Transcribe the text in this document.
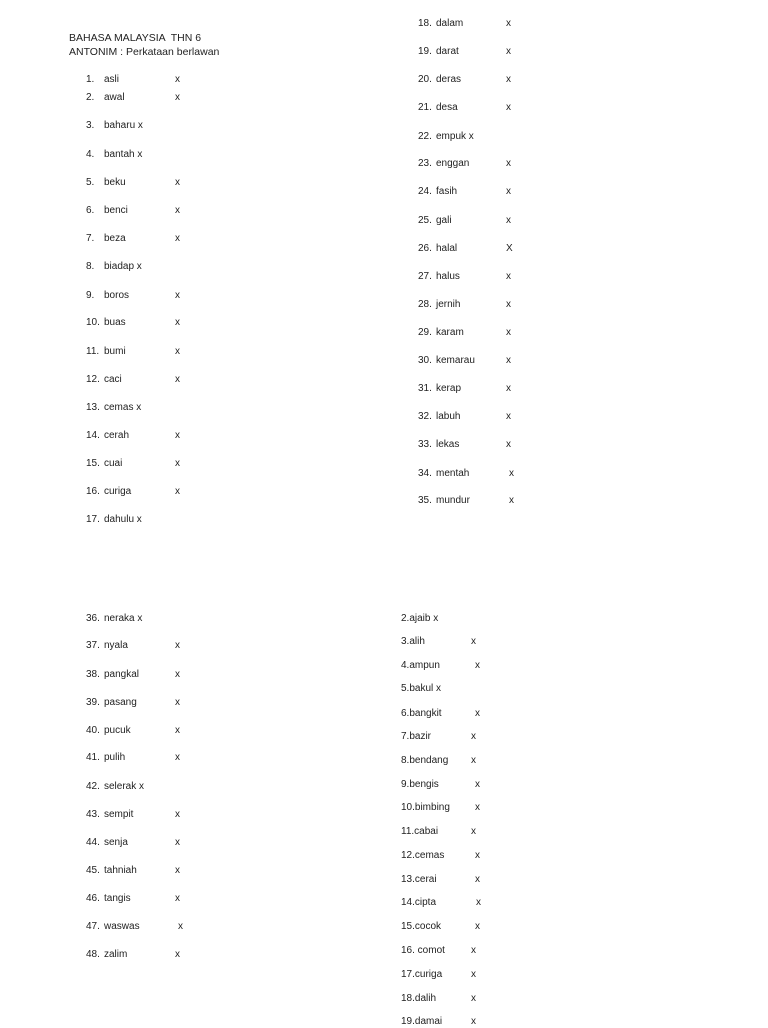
BAHASA MALAYSIA  THN 6
ANTONIM : Perkataan berlawan
1. asli	x
2. awal	x
3. baharu x
4. bantah x
5. beku	x
6. benci	x
7. beza	x
8. biadap x
9. boros	x
10. buas	x
11. bumi	x
12. caci	x
13. cemas x
14. cerah	x
15. cuai	x
16. curiga	x
17. dahulu x
18. dalam	x
19. darat	x
20. deras	x
21. desa	x
22. empuk x
23. enggan	x
24. fasih	x
25. gali	x
26. halal	X
27. halus	x
28. jernih	x
29. karam	x
30. kemarau	x
31. kerap	x
32. labuh	x
33. lekas	x
34. mentah	x
35. mundur	x
36. neraka x
37. nyala	x
38. pangkal	x
39. pasang	x
40. pucuk	x
41. pulih	x
42. selerak x
43. sempit	x
44. senja	x
45. tahniah	x
46. tangis	x
47. waswas	x
48. zalim	x
2.ajaib x
3.alih	x
4.ampun	x
5.bakul x
6.bangkit	x
7.bazir	x
8.bendang x
9.bengis	x
10.bimbing	x
11.cabai	x
12.cemas	x
13.cerai	x
14.cipta	x
15.cocok	x
16. comot	x
17.curiga	x
18.dalih	x
19.damai	x
